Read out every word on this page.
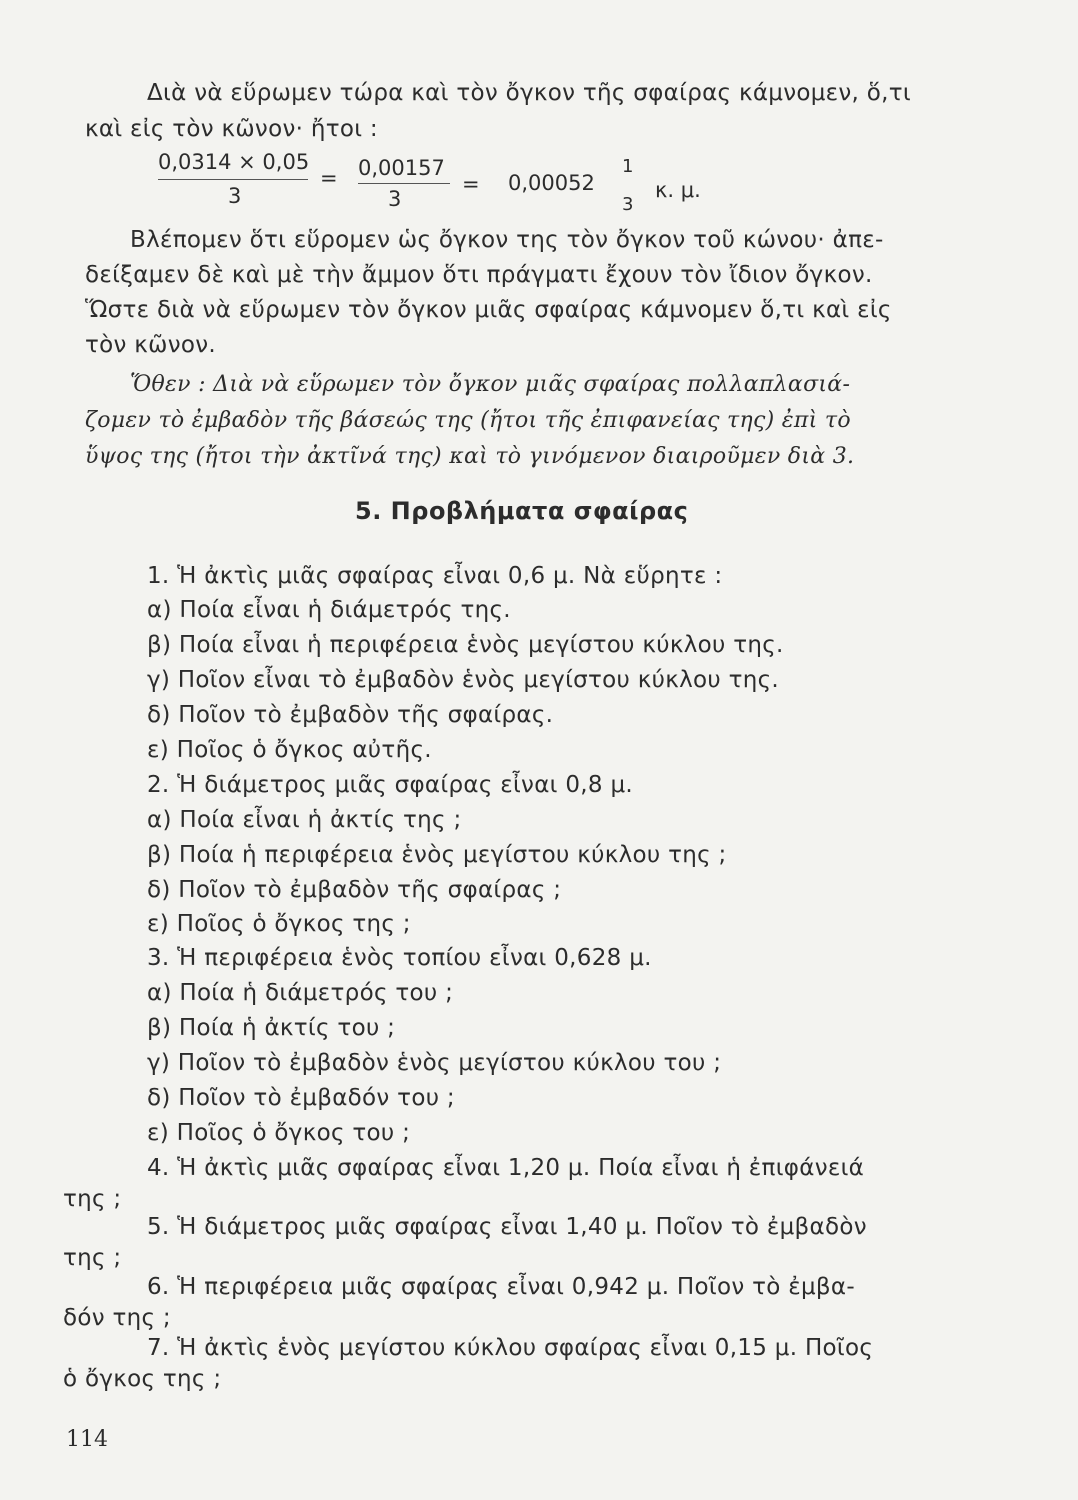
Διὰ νὰ εὕρωμεν τώρα καὶ τὸν ὄγκον τῆς σφαίρας κάμνομεν, ὅ,τι
καὶ εἰς τὸν κῶνον· ἤτοι :
0,0314 × 0,05
3
= 0,00157
3
= 0,00052
1
3
κ. μ.
Βλέπομεν ὅτι εὕρομεν ὡς ὄγκον της τὸν ὄγκον τοῦ κώνου· ἀπε-
δείξαμεν δὲ καὶ μὲ τὴν ἄμμον ὅτι πράγματι ἔχουν τὸν ἴδιον ὄγκον.
Ὥστε διὰ νὰ εὕρωμεν τὸν ὄγκον μιᾶς σφαίρας κάμνομεν ὅ,τι καὶ εἰς
τὸν κῶνον.
Ὅθεν : Διὰ νὰ εὕρωμεν τὸν ὄγκον μιᾶς σφαίρας πολλαπλασιά-
ζομεν τὸ ἐμβαδὸν τῆς βάσεώς της (ἤτοι τῆς ἐπιφανείας της) ἐπὶ τὸ
ὕψος της (ἤτοι τὴν ἀκτῖνά της) καὶ τὸ γινόμενον διαιροῦμεν διὰ 3.
5. Προβλήματα σφαίρας
1. Ἡ ἀκτὶς μιᾶς σφαίρας εἶναι 0,6 μ. Νὰ εὕρητε :
α) Ποία εἶναι ἡ διάμετρός της.
β) Ποία εἶναι ἡ περιφέρεια ἑνὸς μεγίστου κύκλου της.
γ) Ποῖον εἶναι τὸ ἐμβαδὸν ἑνὸς μεγίστου κύκλου της.
δ) Ποῖον τὸ ἐμβαδὸν τῆς σφαίρας.
ε) Ποῖος ὁ ὄγκος αὐτῆς.
2. Ἡ διάμετρος μιᾶς σφαίρας εἶναι 0,8 μ.
α) Ποία εἶναι ἡ ἀκτίς της ;
β) Ποία ἡ περιφέρεια ἑνὸς μεγίστου κύκλου της ;
δ) Ποῖον τὸ ἐμβαδὸν τῆς σφαίρας ;
ε) Ποῖος ὁ ὄγκος της ;
3. Ἡ περιφέρεια ἑνὸς τοπίου εἶναι 0,628 μ.
α) Ποία ἡ διάμετρός του ;
β) Ποία ἡ ἀκτίς του ;
γ) Ποῖον τὸ ἐμβαδὸν ἑνὸς μεγίστου κύκλου του ;
δ) Ποῖον τὸ ἐμβαδόν του ;
ε) Ποῖος ὁ ὄγκος του ;
4. Ἡ ἀκτὶς μιᾶς σφαίρας εἶναι 1,20 μ. Ποία εἶναι ἡ ἐπιφάνειά
της ;
5. Ἡ διάμετρος μιᾶς σφαίρας εἶναι 1,40 μ. Ποῖον τὸ ἐμβαδὸν
της ;
6. Ἡ περιφέρεια μιᾶς σφαίρας εἶναι 0,942 μ. Ποῖον τὸ ἐμβα-
δόν της ;
7. Ἡ ἀκτὶς ἑνὸς μεγίστου κύκλου σφαίρας εἶναι 0,15 μ. Ποῖος
ὁ ὄγκος της ;
114
